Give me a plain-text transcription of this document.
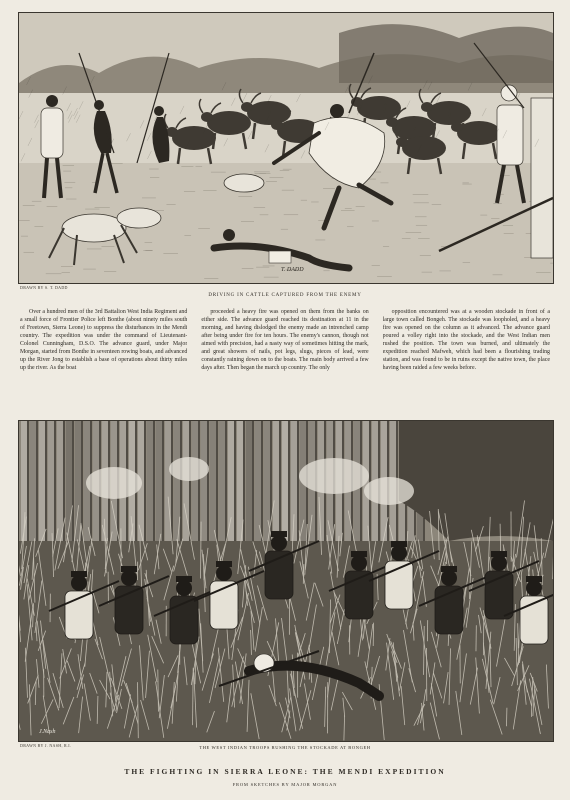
T. DADD
DRAWN BY S. T. DADD
DRIVING IN CATTLE CAPTURED FROM THE ENEMY

Over a hundred men of the 3rd Battalion West India Regiment and a small force of Frontier Police left Bonthe (about ninety miles south of Freetown, Sierra Leone) to suppress the disturbances in the Mendi country. The expedition was under the command of Lieutenant-Colonel Cunningham, D.S.O. The advance guard, under Major Morgan, started from Bonthe in seventeen rowing boats, and advanced up the River Jong to establish a base of operations about thirty miles up the river. As the boat

proceeded a heavy fire was opened on them from the banks on either side. The advance guard reached its destination at 11 in the morning, and having dislodged the enemy made an intrenched camp after being under fire for ten hours. The enemy's cannon, though not aimed with precision, had a nasty way of sometimes hitting the mark, and great showers of nails, pot legs, slugs, pieces of lead, were constantly raining down on to the boats. The main body arrived a few days after. Then began the march up country. The only

opposition encountered was at a wooden stockade in front of a large town called Bongeh. The stockade was loopholed, and a heavy fire was opened on the column as it advanced. The advance guard poured a volley right into the stockade, and the West Indian men rushed the position. The town was burned, and ultimately the expedition reached Mafweh, which had been a flourishing trading station, and was found to be in ruins except the native town, the place having been raided a few weeks before.

J.Nash
DRAWN BY J. NASH, R.I.	THE WEST INDIAN TROOPS RUSHING THE STOCKADE AT BONGEH
THE FIGHTING IN SIERRA LEONE: THE MENDI EXPEDITION
FROM SKETCHES BY MAJOR MORGAN
